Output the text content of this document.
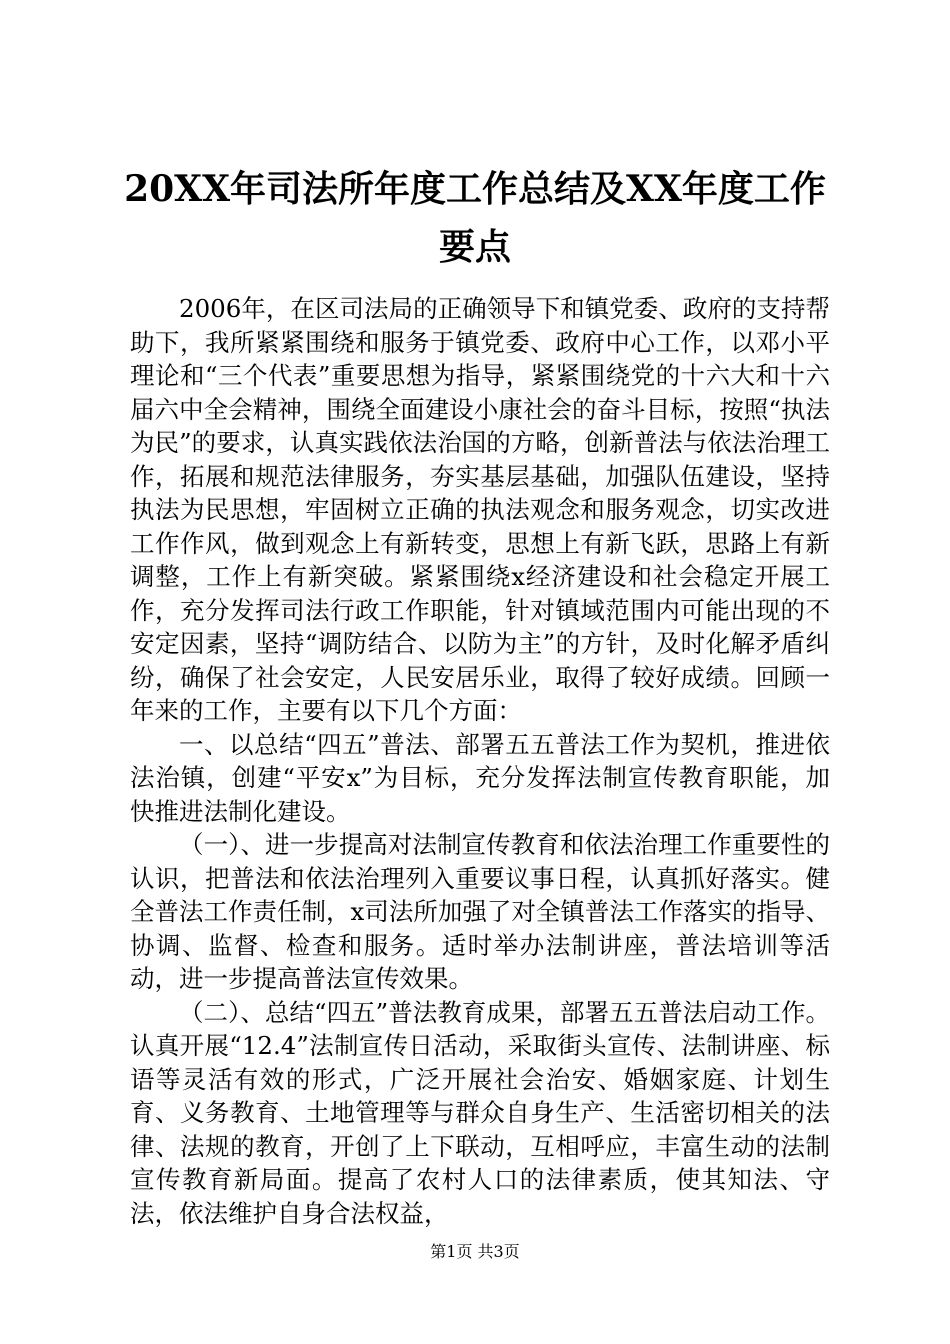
20XX年司法所年度工作总结及XX年度工作要点

2006年，在区司法局的正确领导下和镇党委、政府的支持帮助下，我所紧紧围绕和服务于镇党委、政府中心工作，以邓小平理论和“三个代表”重要思想为指导，紧紧围绕党的十六大和十六届六中全会精神，围绕全面建设小康社会的奋斗目标，按照“执法为民”的要求，认真实践依法治国的方略，创新普法与依法治理工作，拓展和规范法律服务，夯实基层基础，加强队伍建设，坚持执法为民思想，牢固树立正确的执法观念和服务观念，切实改进工作作风，做到观念上有新转变，思想上有新飞跃，思路上有新调整，工作上有新突破。紧紧围绕x经济建设和社会稳定开展工作，充分发挥司法行政工作职能，针对镇域范围内可能出现的不安定因素，坚持“调防结合、以防为主”的方针，及时化解矛盾纠纷，确保了社会安定，人民安居乐业，取得了较好成绩。回顾一年来的工作，主要有以下几个方面：

一、以总结“四五”普法、部署五五普法工作为契机，推进依法治镇，创建“平安x”为目标，充分发挥法制宣传教育职能，加快推进法制化建设。

（一）、进一步提高对法制宣传教育和依法治理工作重要性的认识，把普法和依法治理列入重要议事日程，认真抓好落实。健全普法工作责任制，x司法所加强了对全镇普法工作落实的指导、协调、监督、检查和服务。适时举办法制讲座，普法培训等活动，进一步提高普法宣传效果。

（二）、总结“四五”普法教育成果，部署五五普法启动工作。认真开展“12.4”法制宣传日活动，采取街头宣传、法制讲座、标语等灵活有效的形式，广泛开展社会治安、婚姻家庭、计划生育、义务教育、土地管理等与群众自身生产、生活密切相关的法律、法规的教育，开创了上下联动，互相呼应，丰富生动的法制宣传教育新局面。提高了农村人口的法律素质，使其知法、守法，依法维护自身合法权益，

第1页 共3页
